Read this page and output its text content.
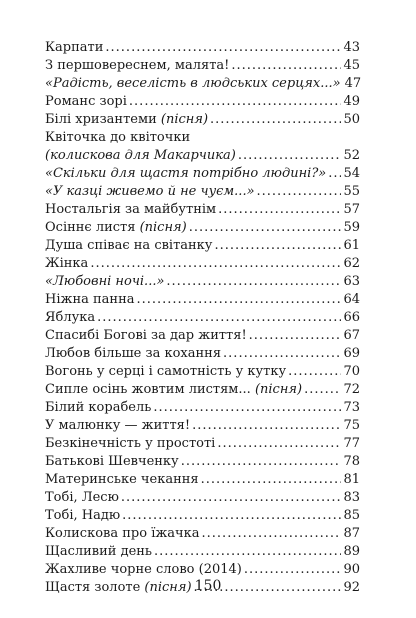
Карпати .....	43
З першовереснем, малята! .....	45
«Радість, веселість в людських серцях...» 47
Романс зорі .....	49
Білі хризантеми (пісня) .....	50
Квіточка до квіточки
(колискова для Макарчика) .....	52
«Скільки для щастя потрібно людині?» ..... 54
«У казці живемо й не чуєм...» .....	55
Ностальгія за майбутнім .....	57
Осіннє листя (пісня) .....	59
Душа співає на світанку .....	61
Жінка .....	62
«Любовні ночі...» .....	63
Ніжна панна .....	64
Яблука .....	66
Спасибі Богові за дар життя! .....	67
Любов більше за кохання .....	69
Вогонь у серці і самотність у кутку .....	70
Сипле осінь жовтим листям... (пісня) .....	72
Білий корабель .....	73
У малюнку — життя! .....	75
Безкінечність у простоті .....	77
Батькові Шевченку .....	78
Материнське чекання .....	81
Тобі, Лесю .....	83
Тобі, Надю .....	85
Колискова про їжачка .....	87
Щасливий день .....	89
Жахливе чорне слово (2014) .....	90
Щастя золоте (пісня) .....	92
150
